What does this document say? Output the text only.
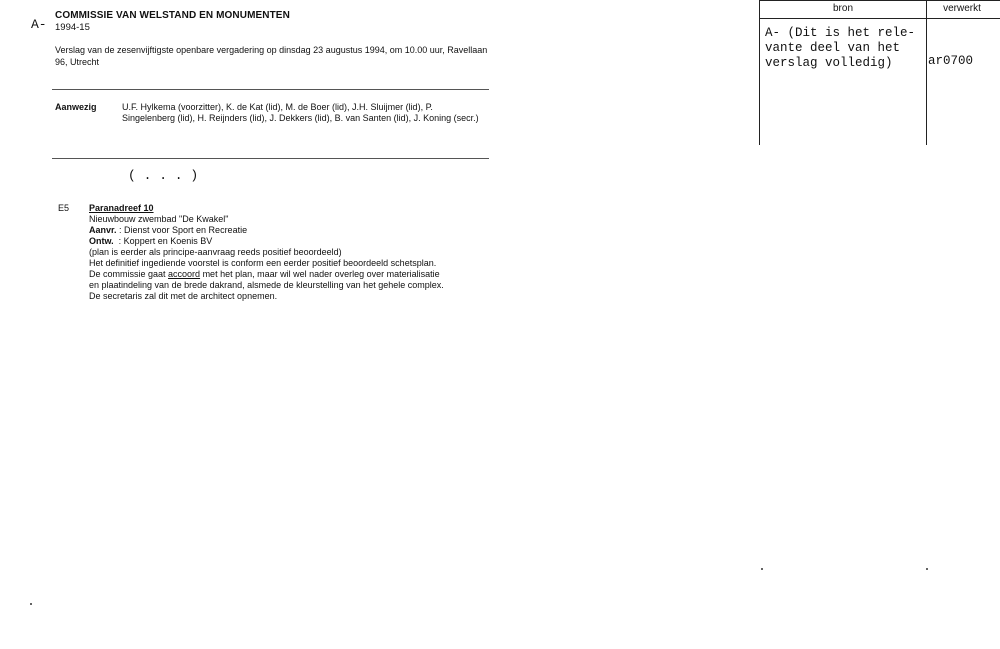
A-
COMMISSIE VAN WELSTAND EN MONUMENTEN
1994-15
Verslag van de zesenvijftigste openbare vergadering op dinsdag 23 augustus 1994, om 10.00 uur, Ravellaan 96, Utrecht
Aanwezig	U.F. Hylkema (voorzitter), K. de Kat (lid), M. de Boer (lid), J.H. Sluijmer (lid), P. Singelenberg (lid), H. Reijnders (lid), J. Dekkers (lid), B. van Santen (lid), J. Koning (secr.)
( . . . )
E5 Paranadreef 10
Nieuwbouw zwembad "De Kwakel"
Aanvr. : Dienst voor Sport en Recreatie
Ontw.  : Koppert en Koenis BV
(plan is eerder als principe-aanvraag reeds positief beoordeeld)
Het definitief ingediende voorstel is conform een eerder positief beoordeeld schetsplan.
De commissie gaat accoord met het plan, maar wil wel nader overleg over materialisatie
en plaatindeling van de brede dakrand, alsmede de kleurstelling van het gehele complex.
De secretaris zal dit met de architect opnemen.
bron	verwerkt
A- (Dit is het rele-vante deel van het verslag volledig)	ar0700
